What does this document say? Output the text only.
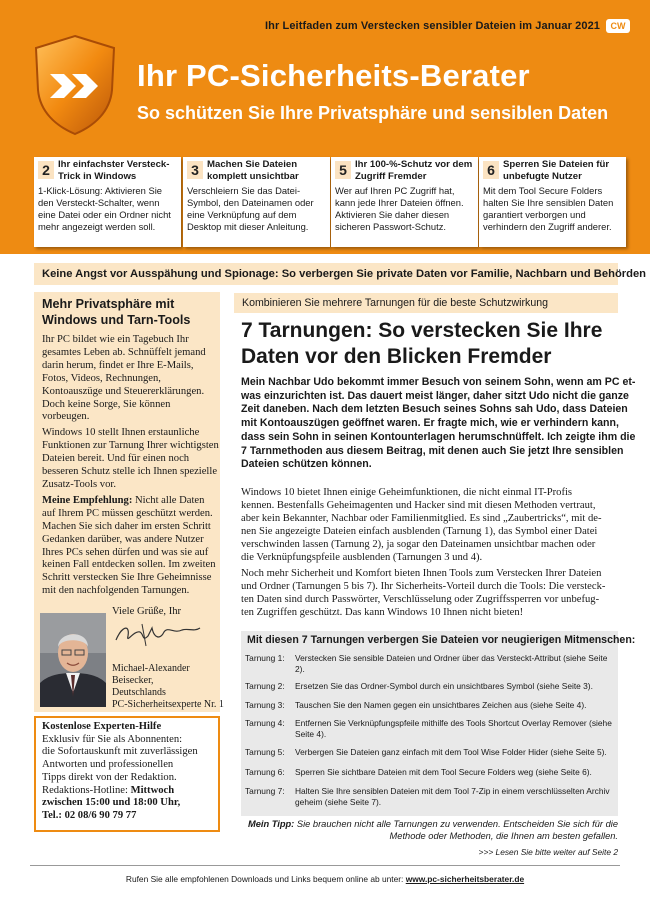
Ihr Leitfaden zum Verstecken sensibler Dateien im Januar 2021	CW
Ihr PC-Sicherheits-Berater
So schützen Sie Ihre Privatsphäre und sensiblen Daten
2 Ihr einfachster Versteck-Trick in Windows
1-Klick-Lösung: Aktivieren Sie den Versteckt-Schalter, wenn eine Datei oder ein Ordner nicht mehr angezeigt werden soll.
3 Machen Sie Dateien komplett unsichtbar
Verschleiern Sie das Datei-Symbol, den Dateinamen oder eine Verknüpfung auf dem Desktop mit dieser Anleitung.
5 Ihr 100-%-Schutz vor dem Zugriff Fremder
Wer auf Ihren PC Zugriff hat, kann jede Ihrer Dateien öffnen. Aktivieren Sie daher diesen sicheren Passwort-Schutz.
6 Sperren Sie Dateien für unbefugte Nutzer
Mit dem Tool Secure Folders halten Sie Ihre sensiblen Daten garantiert verborgen und verhindern den Zugriff anderer.
Keine Angst vor Ausspähung und Spionage: So verbergen Sie private Daten vor Familie, Nachbarn und Behörden
Mehr Privatsphäre mit Windows und Tarn-Tools

Ihr PC bildet wie ein Tagebuch Ihr gesamtes Leben ab. Schnüffelt jemand darin herum, findet er Ihre E-Mails, Fotos, Videos, Rechnungen, Kontoauszüge und Steuererklärungen. Doch keine Sorge, Sie können vorbeugen.

Windows 10 stellt Ihnen erstaunliche Funktionen zur Tarnung Ihrer wichtigsten Dateien bereit. Und für einen noch besseren Schutz stelle ich Ihnen spezielle Zusatz-Tools vor.

Meine Empfehlung: Nicht alle Daten auf Ihrem PC müssen geschützt werden. Machen Sie sich daher im ersten Schritt Gedanken darüber, was andere Nutzer Ihres PCs sehen dürfen und was sie auf keinen Fall entdecken sollen. Im zweiten Schritt verstecken Sie Ihre Geheimnisse mit den nachfolgenden Tarnungen.

Viele Grüße, Ihr
Michael-Alexander
Beisecker,
Deutschlands
PC-Sicherheitsexperte Nr. 1
Kostenlose Experten-Hilfe
Exklusiv für Sie als Abonnenten:
die Sofortauskunft mit zuverlässigen Antworten und professionellen
Tipps direkt von der Redaktion.
Redaktions-Hotline: Mittwoch
zwischen 15:00 und 18:00 Uhr,
Tel.: 02 08/6 90 79 77
Kombinieren Sie mehrere Tarnungen für die beste Schutzwirkung
7 Tarnungen: So verstecken Sie Ihre Daten vor den Blicken Fremder
Mein Nachbar Udo bekommt immer Besuch von seinem Sohn, wenn am PC et-
was einzurichten ist. Das dauert meist länger, daher sitzt Udo nicht die ganze
Zeit daneben. Nach dem letzten Besuch seines Sohns sah Udo, dass Dateien
mit Kontoauszügen geöffnet waren. Er fragte mich, wie er verhindern kann,
dass sein Sohn in seinen Kontounterlagen herumschnüffelt. Ich zeigte ihm die
7 Tarnmethoden aus diesem Beitrag, mit denen auch Sie jetzt Ihre sensiblen
Dateien schützen können.

Windows 10 bietet Ihnen einige Geheimfunktionen, die nicht einmal IT-Profis
kennen. Bestenfalls Geheimagenten und Hacker sind mit diesen Methoden vertraut,
aber kein Bekannter, Nachbar oder Familienmitglied. Es sind „Zaubertricks“, mit de-
nen Sie angezeigte Dateien einfach ausblenden (Tarnung 1), das Symbol einer Datei
verschwinden lassen (Tarnung 2), ja sogar den Dateinamen unsichtbar machen oder
die Verknüpfungspfeile ausblenden (Tarnungen 3 und 4).

Noch mehr Sicherheit und Komfort bieten Ihnen Tools zum Verstecken Ihrer Dateien
und Ordner (Tarnungen 5 bis 7). Ihr Sicherheits-Vorteil durch die Tools: Die versteck-
ten Daten sind durch Passwörter, Verschlüsselung oder Zugriffssperren vor unbefug-
ten Zugriffen geschützt. Das kann Windows 10 Ihnen nicht bieten!

Mit diesen 7 Tarnungen verbergen Sie Dateien vor neugierigen Mitmenschen:
Tarnung 1:	Verstecken Sie sensible Dateien und Ordner über das Versteckt-Attribut (siehe Seite 2).
Tarnung 2:	Ersetzen Sie das Ordner-Symbol durch ein unsichtbares Symbol (siehe Seite 3).
Tarnung 3:	Tauschen Sie den Namen gegen ein unsichtbares Zeichen aus (siehe Seite 4).
Tarnung 4:	Entfernen Sie Verknüpfungspfeile mithilfe des Tools Shortcut Overlay Remover (siehe Seite 4).
Tarnung 5:	Verbergen Sie Dateien ganz einfach mit dem Tool Wise Folder Hider (siehe Seite 5).
Tarnung 6:	Sperren Sie sichtbare Dateien mit dem Tool Secure Folders weg (siehe Seite 6).
Tarnung 7:	Halten Sie Ihre sensiblen Dateien mit dem Tool 7-Zip in einem verschlüsselten Archiv geheim (siehe Seite 7).
Mein Tipp: Sie brauchen nicht alle Tarnungen zu verwenden. Entscheiden Sie sich für die Methode oder Methoden, die Ihnen am besten gefallen.
>>> Lesen Sie bitte weiter auf Seite 2
Rufen Sie alle empfohlenen Downloads und Links bequem online ab unter: www.pc-sicherheitsberater.de
